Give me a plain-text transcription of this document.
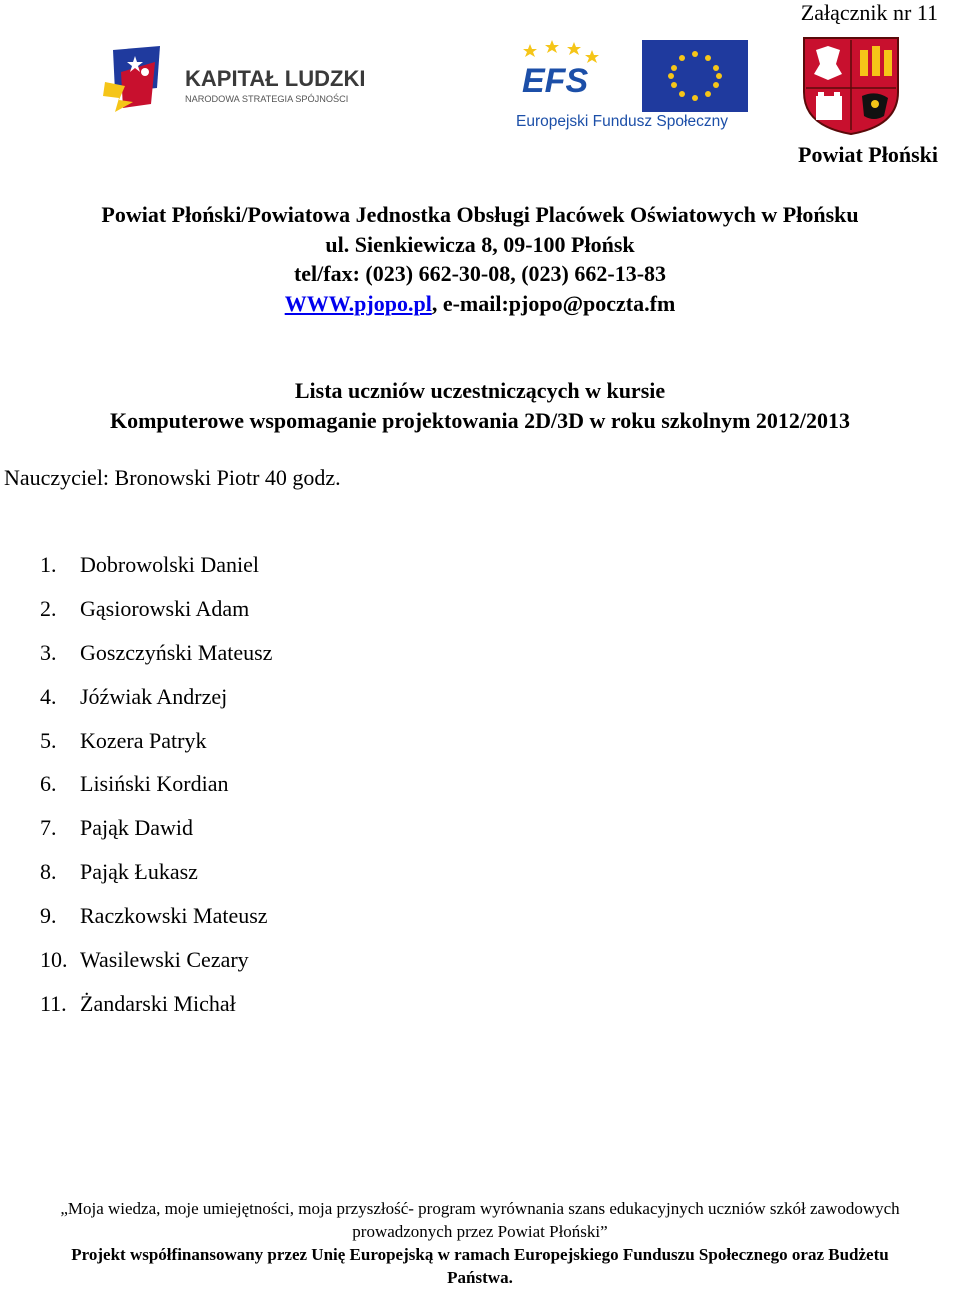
Załącznik nr 11
KAPITAŁ LUDZKI
NARODOWA STRATEGIA SPÓJNOŚCI	EFS
Europejski Fundusz Społeczny
Powiat Płoński
Powiat Płoński/Powiatowa Jednostka Obsługi Placówek Oświatowych w Płońsku
ul. Sienkiewicza 8, 09-100 Płońsk
tel/fax: (023) 662-30-08, (023) 662-13-83
WWW.pjopo.pl, e-mail:pjopo@poczta.fm
Lista uczniów uczestniczących w kursie
Komputerowe wspomaganie projektowania 2D/3D w roku szkolnym 2012/2013
Nauczyciel: Bronowski Piotr 40 godz.
1. Dobrowolski Daniel
2. Gąsiorowski Adam
3. Goszczyński Mateusz
4. Jóźwiak Andrzej
5. Kozera Patryk
6. Lisiński Kordian
7. Pająk Dawid
8. Pająk Łukasz
9. Raczkowski Mateusz
10. Wasilewski Cezary
11. Żandarski Michał
„Moja wiedza, moje umiejętności, moja przyszłość- program wyrównania szans edukacyjnych uczniów szkół zawodowych
prowadzonych przez Powiat Płoński”
Projekt współfinansowany przez Unię Europejską w ramach Europejskiego Funduszu Społecznego oraz Budżetu
Państwa.
